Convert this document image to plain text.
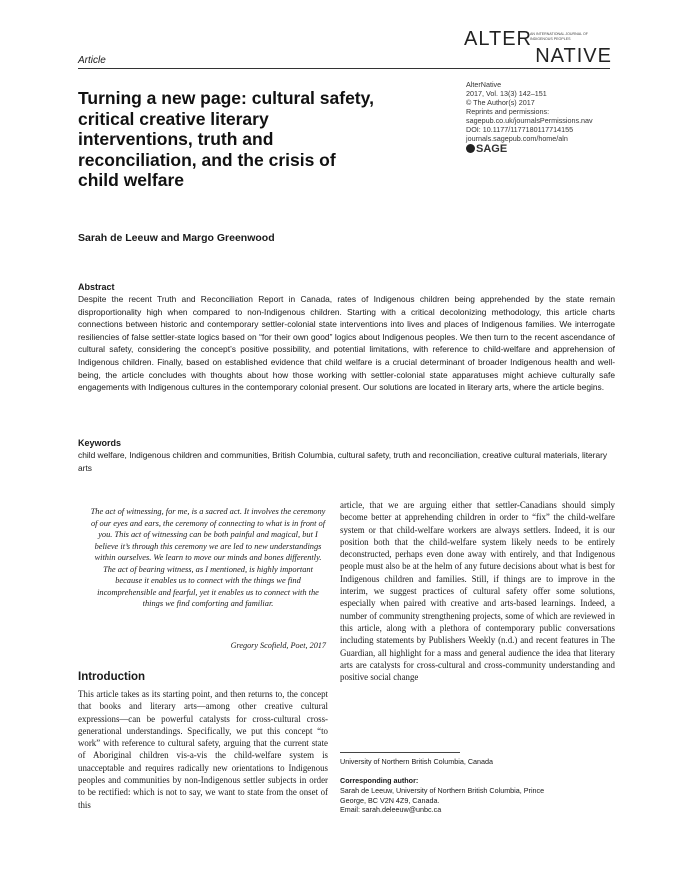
Article
ALTER
AN INTERNATIONAL JOURNAL OF INDIGENOUS PEOPLES
NATIVE
AlterNative
2017, Vol. 13(3) 142–151
© The Author(s) 2017
Reprints and permissions:
sagepub.co.uk/journalsPermissions.nav
DOI: 10.1177/1177180117714155
journals.sagepub.com/home/aln
SAGE
Turning a new page: cultural safety, critical creative literary interventions, truth and reconciliation, and the crisis of child welfare
Sarah de Leeuw and Margo Greenwood
Abstract
Despite the recent Truth and Reconciliation Report in Canada, rates of Indigenous children being apprehended by the state remain disproportionality high when compared to non-Indigenous children. Starting with a critical decolonizing methodology, this article charts connections between historic and contemporary settler-colonial state interventions into lives and places of Indigenous families. We interrogate resiliencies of false settler-state logics based on “for their own good” logics about Indigenous peoples. We then turn to the recent ascendance of cultural safety, considering the concept’s positive possibility, and potential limitations, with reference to child-welfare and apprehension of Indigenous children. Finally, based on established evidence that child welfare is a crucial determinant of broader Indigenous health and well-being, the article concludes with thoughts about how those working with settler-colonial state apparatuses might achieve culturally safe engagements with Indigenous cultures in the contemporary colonial present. Our solutions are located in literary arts, where the article begins.
Keywords
child welfare, Indigenous children and communities, British Columbia, cultural safety, truth and reconciliation, creative cultural materials, literary arts
The act of witnessing, for me, is a sacred act. It involves the ceremony of our eyes and ears, the ceremony of connecting to what is in front of you. This act of witnessing can be both painful and magical, but I believe it’s through this ceremony we are led to new understandings within ourselves. We learn to move our minds and bones differently. The act of bearing witness, as I mentioned, is highly important because it enables us to connect with the things we find incomprehensible and fearful, yet it enables us to connect with the things we find comforting and familiar.
Gregory Scofield, Poet, 2017
Introduction
This article takes as its starting point, and then returns to, the concept that books and literary arts—among other creative cultural expressions—can be powerful catalysts for cross-cultural cross-generational understandings. Specifically, we put this concept “to work” with reference to cultural safety, arguing that the current state of Aboriginal children vis-a-vis the child-welfare system is unacceptable and requires radically new orientations to Indigenous peoples and communities by non-Indigenous settler subjects in order to be rectified: which is not to say, we want to state from the onset of this
article, that we are arguing either that settler-Canadians should simply become better at apprehending children in order to “fix” the child-welfare system or that child-welfare workers are always settlers. Indeed, it is our position both that the child-welfare system likely needs to be entirely deconstructed, perhaps even done away with entirely, and that Indigenous people must also be at the helm of any future decisions about what is best for Indigenous children and families. Still, if things are to improve in the interim, we suggest practices of cultural safety offer some solutions, especially when paired with creative and arts-based learnings. Indeed, a number of community strengthening projects, some of which are reviewed in this article, along with a plethora of contemporary public conversations including statements by Publishers Weekly (n.d.) and recent features in The Guardian, all highlight for a mass and general audience the idea that literary arts are catalysts for cross-cultural and cross-community understanding and positive social change
University of Northern British Columbia, Canada
Corresponding author:
Sarah de Leeuw, University of Northern British Columbia, Prince George, BC V2N 4Z9, Canada.
Email: sarah.deleeuw@unbc.ca
